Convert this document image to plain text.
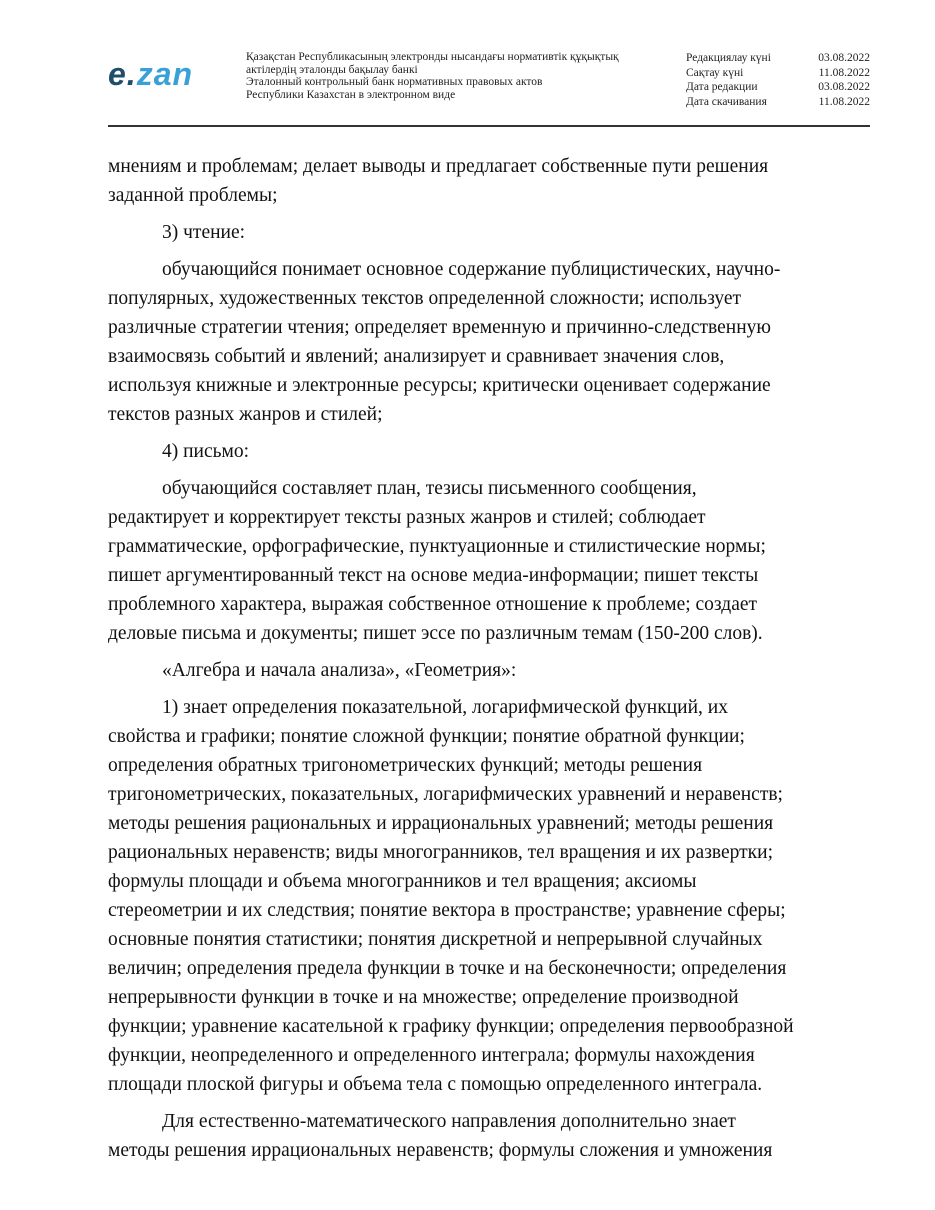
e.zan	Қазақстан Республикасының электронды нысандағы нормативтік құқықтық
актілердің эталонды бақылау банкі
Эталонный контрольный банк нормативных правовых актов
Республики Казахстан в электронном виде
Редакциялау күні	03.08.2022
Сақтау күні	11.08.2022
Дата редакции	03.08.2022
Дата скачивания	11.08.2022

мнениям и проблемам; делает выводы и предлагает собственные пути решения
заданной проблемы;

3) чтение:

обучающийся понимает основное содержание публицистических, научно-
популярных, художественных текстов определенной сложности; использует
различные стратегии чтения; определяет временную и причинно-следственную
взаимосвязь событий и явлений; анализирует и сравнивает значения слов,
используя книжные и электронные ресурсы; критически оценивает содержание
текстов разных жанров и стилей;

4) письмо:

обучающийся составляет план, тезисы письменного сообщения,
редактирует и корректирует тексты разных жанров и стилей; соблюдает
грамматические, орфографические, пунктуационные и стилистические нормы;
пишет аргументированный текст на основе медиа-информации; пишет тексты
проблемного характера, выражая собственное отношение к проблеме; создает
деловые письма и документы; пишет эссе по различным темам (150-200 слов).

«Алгебра и начала анализа», «Геометрия»:

1) знает определения показательной, логарифмической функций, их
свойства и графики; понятие сложной функции; понятие обратной функции;
определения обратных тригонометрических функций; методы решения
тригонометрических, показательных, логарифмических уравнений и неравенств;
методы решения рациональных и иррациональных уравнений; методы решения
рациональных неравенств; виды многогранников, тел вращения и их развертки;
формулы площади и объема многогранников и тел вращения; аксиомы
стереометрии и их следствия; понятие вектора в пространстве; уравнение сферы;
основные понятия статистики; понятия дискретной и непрерывной случайных
величин; определения предела функции в точке и на бесконечности; определения
непрерывности функции в точке и на множестве; определение производной
функции; уравнение касательной к графику функции; определения первообразной
функции, неопределенного и определенного интеграла; формулы нахождения
площади плоской фигуры и объема тела с помощью определенного интеграла.

Для естественно-математического направления дополнительно знает
методы решения иррациональных неравенств; формулы сложения и умножения
